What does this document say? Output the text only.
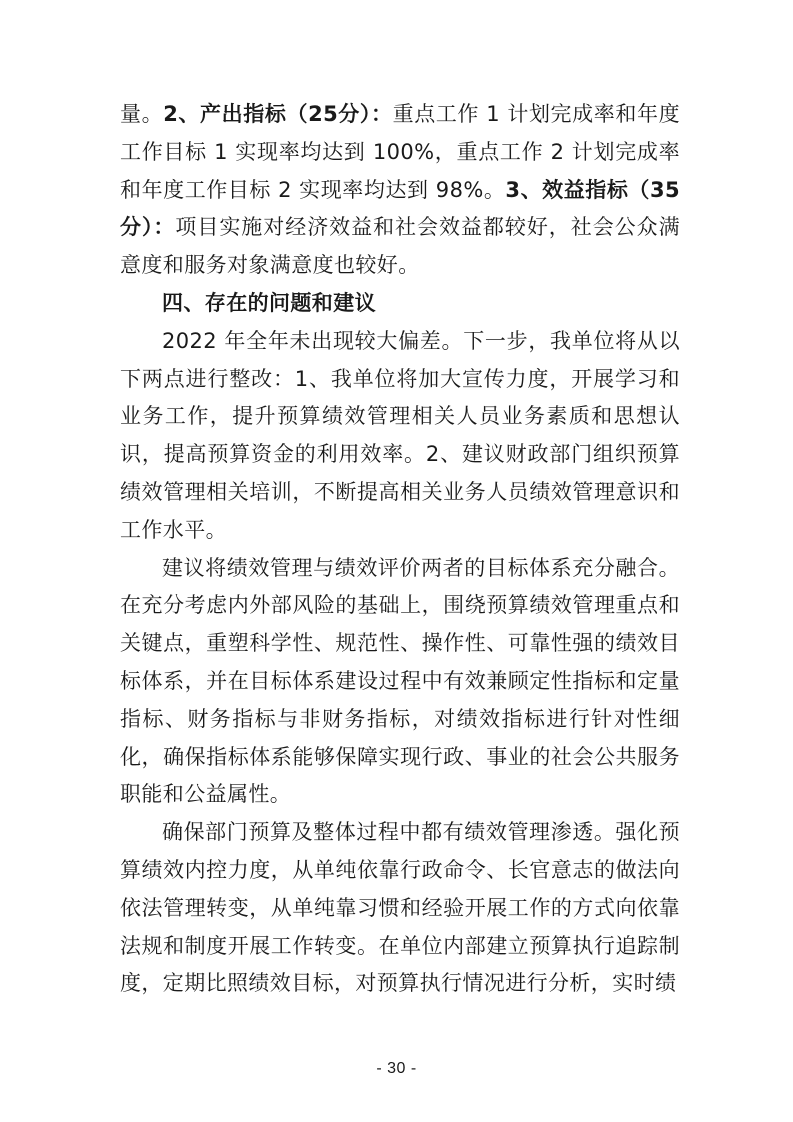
量。2、产出指标（25分）：重点工作 1 计划完成率和年度工作目标 1 实现率均达到 100%，重点工作 2 计划完成率和年度工作目标 2 实现率均达到 98%。3、效益指标（35分）：项目实施对经济效益和社会效益都较好，社会公众满意度和服务对象满意度也较好。

四、存在的问题和建议

2022 年全年未出现较大偏差。下一步，我单位将从以下两点进行整改：1、我单位将加大宣传力度，开展学习和业务工作，提升预算绩效管理相关人员业务素质和思想认识，提高预算资金的利用效率。2、建议财政部门组织预算绩效管理相关培训，不断提高相关业务人员绩效管理意识和工作水平。

建议将绩效管理与绩效评价两者的目标体系充分融合。在充分考虑内外部风险的基础上，围绕预算绩效管理重点和关键点，重塑科学性、规范性、操作性、可靠性强的绩效目标体系，并在目标体系建设过程中有效兼顾定性指标和定量指标、财务指标与非财务指标，对绩效指标进行针对性细化，确保指标体系能够保障实现行政、事业的社会公共服务职能和公益属性。

确保部门预算及整体过程中都有绩效管理渗透。强化预算绩效内控力度，从单纯依靠行政命令、长官意志的做法向依法管理转变，从单纯靠习惯和经验开展工作的方式向依靠法规和制度开展工作转变。在单位内部建立预算执行追踪制度，定期比照绩效目标，对预算执行情况进行分析，实时绩

- 30 -
